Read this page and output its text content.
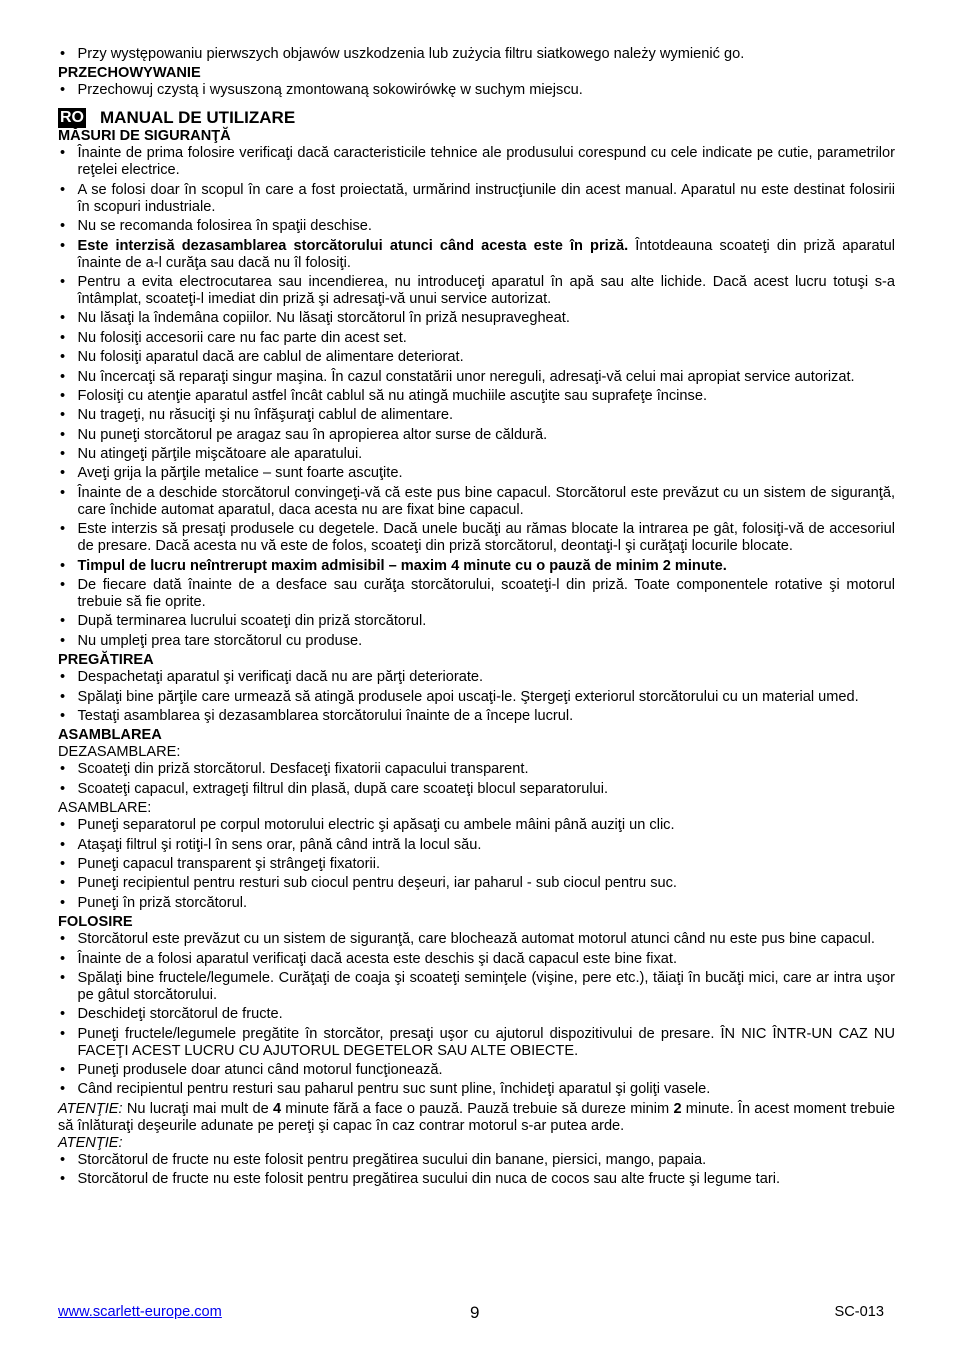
• Przy występowaniu pierwszych objawów uszkodzenia lub zużycia filtru siatkowego należy wymienić go.
PRZECHOWYWANIE
• Przechowuj czystą i wysuszoną zmontowaną sokowirówkę w suchym miejscu.
RO MANUAL DE UTILIZARE
MĂSURI DE SIGURANŢĂ
• Înainte de prima folosire verificaţi dacă caracteristicile tehnice ale produsului corespund cu cele indicate pe cutie, parametrilor reţelei electrice.
• A se folosi doar în scopul în care a fost proiectată, urmărind instrucţiunile din acest manual. Aparatul nu este destinat folosirii în scopuri industriale.
• Nu se recomanda folosirea în spaţii deschise.
• Este interzisă dezasamblarea storcătorului atunci când acesta este în priză. Întotdeauna scoateţi din priză aparatul înainte de a-l curăţa sau dacă nu îl folosiţi.
• Pentru a evita electrocutarea sau incendierea, nu introduceţi aparatul în apă sau alte lichide. Dacă acest lucru totuşi s-a întâmplat, scoateţi-l imediat din priză şi adresaţi-vă unui service autorizat.
• Nu lăsaţi la îndemâna copiilor. Nu lăsaţi storcătorul în priză nesupravegheat.
• Nu folosiţi accesorii care nu fac parte din acest set.
• Nu folosiţi aparatul dacă are cablul de alimentare deteriorat.
• Nu încercaţi să reparaţi singur maşina. În cazul constatării unor nereguli, adresaţi-vă celui mai apropiat service autorizat.
• Folosiţi cu atenţie aparatul astfel încât cablul să nu atingă muchiile ascuţite sau suprafeţe încinse.
• Nu trageţi, nu răsuciţi şi nu înfăşuraţi cablul de alimentare.
• Nu puneţi storcătorul pe aragaz sau în apropierea altor surse de căldură.
• Nu atingeţi părţile mişcătoare ale aparatului.
• Aveţi grija la părţile metalice – sunt foarte ascuţite.
• Înainte de a deschide storcătorul convingeţi-vă că este pus bine capacul. Storcătorul este prevăzut cu un sistem de siguranţă, care închide automat aparatul, daca acesta nu are fixat bine capacul.
• Este interzis să presaţi produsele cu degetele. Dacă unele bucăţi au rămas blocate la intrarea pe gât, folosiţi-vă de accesoriul de presare. Dacă acesta nu vă este de folos, scoateţi din priză storcătorul, deontaţi-l şi curăţaţi locurile blocate.
• Timpul de lucru neîntrerupt maxim admisibil – maxim 4 minute cu o pauză de minim 2 minute.
• De fiecare dată înainte de a desface sau curăţa storcătorului, scoateţi-l din priză. Toate componentele rotative şi motorul trebuie să fie oprite.
• După terminarea lucrului scoateţi din priză storcătorul.
• Nu umpleţi prea tare storcătorul cu produse.
PREGĂTIREA
• Despachetaţi aparatul şi verificaţi dacă nu are părţi deteriorate.
• Spălaţi bine părţile care urmează să atingă produsele apoi uscaţi-le. Ştergeţi exteriorul storcătorului cu un material umed.
• Testaţi asamblarea şi dezasamblarea storcătorului înainte de a începe lucrul.
ASAMBLAREA
DEZASAMBLARE:
• Scoateţi din priză storcătorul. Desfaceţi fixatorii capacului transparent.
• Scoateţi capacul, extrageţi filtrul din plasă, după care scoateţi blocul separatorului.
ASAMBLARE:
• Puneţi separatorul pe corpul motorului electric şi apăsaţi cu ambele mâini până auziţi un clic.
• Ataşaţi filtrul şi rotiţi-l în sens orar, până când intră la locul său.
• Puneţi capacul transparent şi strângeţi fixatorii.
• Puneţi recipientul pentru resturi sub ciocul pentru deşeuri, iar paharul - sub ciocul pentru suc.
• Puneţi în priză storcătorul.
FOLOSIRE
• Storcătorul este prevăzut cu un sistem de siguranţă, care blochează automat motorul atunci când nu este pus bine capacul.
• Înainte de a folosi aparatul verificaţi dacă acesta este deschis şi dacă capacul este bine fixat.
• Spălaţi bine fructele/legumele. Curăţaţi de coaja şi scoateţi seminţele (vişine, pere etc.), tăiaţi în bucăţi mici, care ar intra uşor pe gâtul storcătorului.
• Deschideţi storcătorul de fructe.
• Puneţi fructele/legumele pregătite în storcător, presaţi uşor cu ajutorul dispozitivului de presare. ÎN NIC ÎNTR-UN CAZ NU FACEŢI ACEST LUCRU CU AJUTORUL DEGETELOR SAU ALTE OBIECTE.
• Puneţi produsele doar atunci când motorul funcţionează.
• Când recipientul pentru resturi sau paharul pentru suc sunt pline, închideţi aparatul şi goliţi vasele.

ATENŢIE: Nu lucraţi mai mult de 4 minute fără a face o pauză. Pauză trebuie să dureze minim 2 minute. În acest moment trebuie să înlăturaţi deşeurile adunate pe pereţi şi capac în caz contrar motorul s-ar putea arde.

ATENŢIE:
• Storcătorul de fructe nu este folosit pentru pregătirea sucului din banane, piersici, mango, papaia.
• Storcătorul de fructe nu este folosit pentru pregătirea sucului din nuca de cocos sau alte fructe şi legume tari.
www.scarlett-europe.com	9	SC-013
